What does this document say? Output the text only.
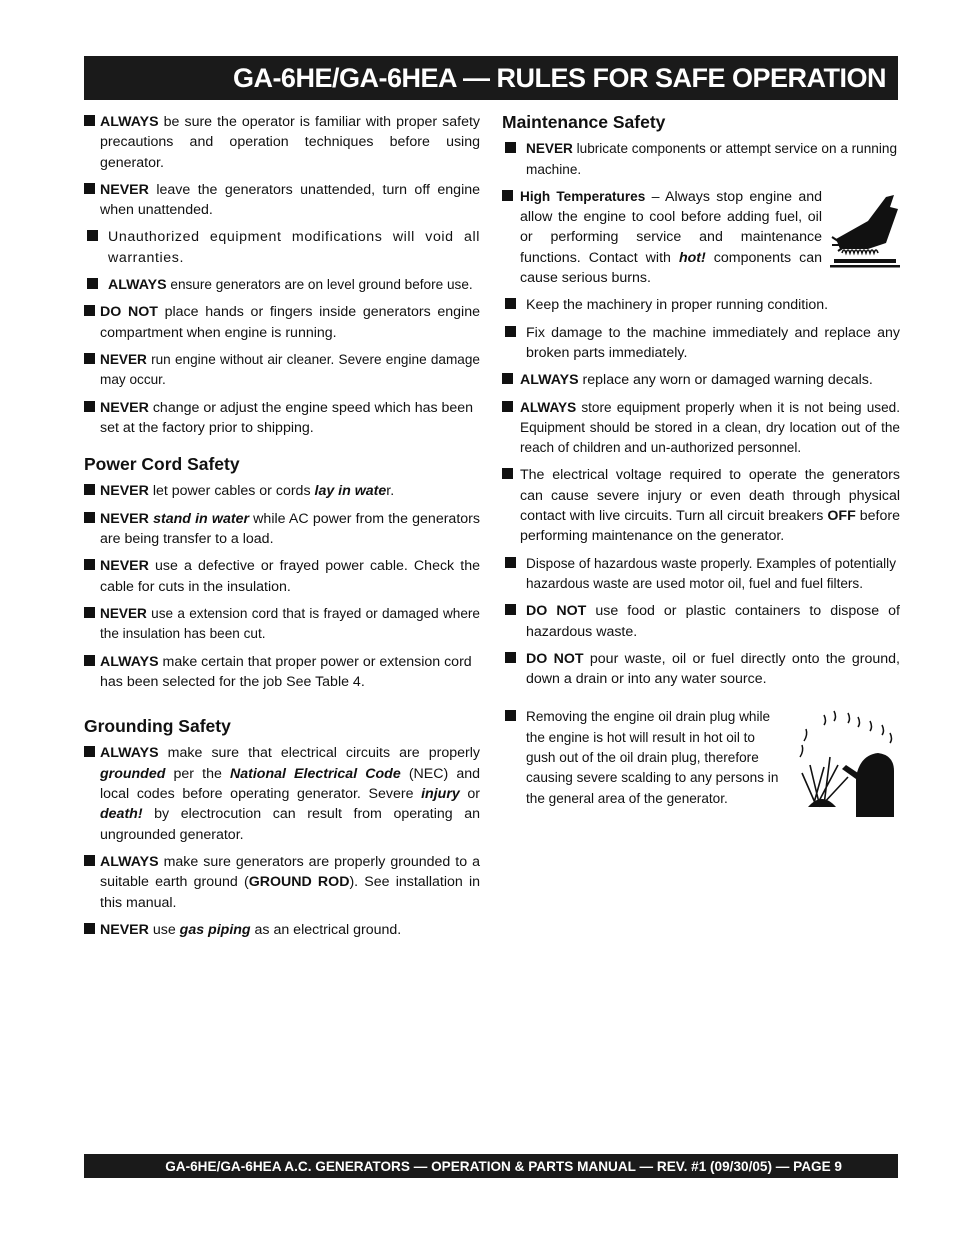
GA-6HE/GA-6HEA — RULES FOR SAFE OPERATION
ALWAYS be sure the operator is familiar with proper safety precautions and operation techniques before using generator.
NEVER leave the generators unattended, turn off engine when unattended.
Unauthorized equipment modifications will void all warranties.
ALWAYS ensure generators are on level ground before use.
DO NOT place hands or fingers inside generators engine compartment when engine is running.
NEVER run engine without air cleaner. Severe engine damage may occur.
NEVER change or adjust the engine speed which has been set at the factory prior to shipping.
Power Cord Safety
NEVER let power cables or cords lay in water.
NEVER stand in water while AC power from the generators are being transfer to a load.
NEVER use a defective or frayed power cable. Check the cable for cuts in the insulation.
NEVER use a extension cord that is frayed or damaged where the insulation has been cut.
ALWAYS make certain that proper power or extension cord has been selected for the job See Table 4.
Grounding Safety
ALWAYS make sure that electrical circuits are properly grounded per the National Electrical Code (NEC) and local codes before operating generator. Severe injury or death! by electrocution can result from operating an ungrounded generator.
ALWAYS make sure generators are properly grounded to a suitable earth ground (GROUND ROD). See installation in this manual.
NEVER use gas piping as an electrical ground.
Maintenance Safety
NEVER lubricate components or attempt service on a running machine.
High Temperatures – Always stop engine and allow the engine to cool before adding fuel, oil or performing service and maintenance functions. Contact with hot! components can cause serious burns.
Keep the machinery in proper running condition.
Fix damage to the machine immediately and replace any broken parts immediately.
ALWAYS replace any worn or damaged warning decals.
ALWAYS store equipment properly when it is not being used. Equipment should be stored in a clean, dry location out of the reach of children and un-authorized personnel.
The electrical voltage required to operate the generators can cause severe injury or even death through physical contact with live circuits. Turn all circuit breakers OFF before performing maintenance on the generator.
Dispose of hazardous waste properly. Examples of potentially hazardous waste are used motor oil, fuel and fuel filters.
DO NOT use food or plastic containers to dispose of hazardous waste.
DO NOT pour waste, oil or fuel directly onto the ground, down a drain or into any water source.
Removing the engine oil drain plug while the engine is hot will result in hot oil to gush out of the oil drain plug, therefore causing severe scalding to any persons in the general area of the generator.
GA-6HE/GA-6HEA A.C. GENERATORS — OPERATION & PARTS MANUAL — REV. #1 (09/30/05) — PAGE 9
